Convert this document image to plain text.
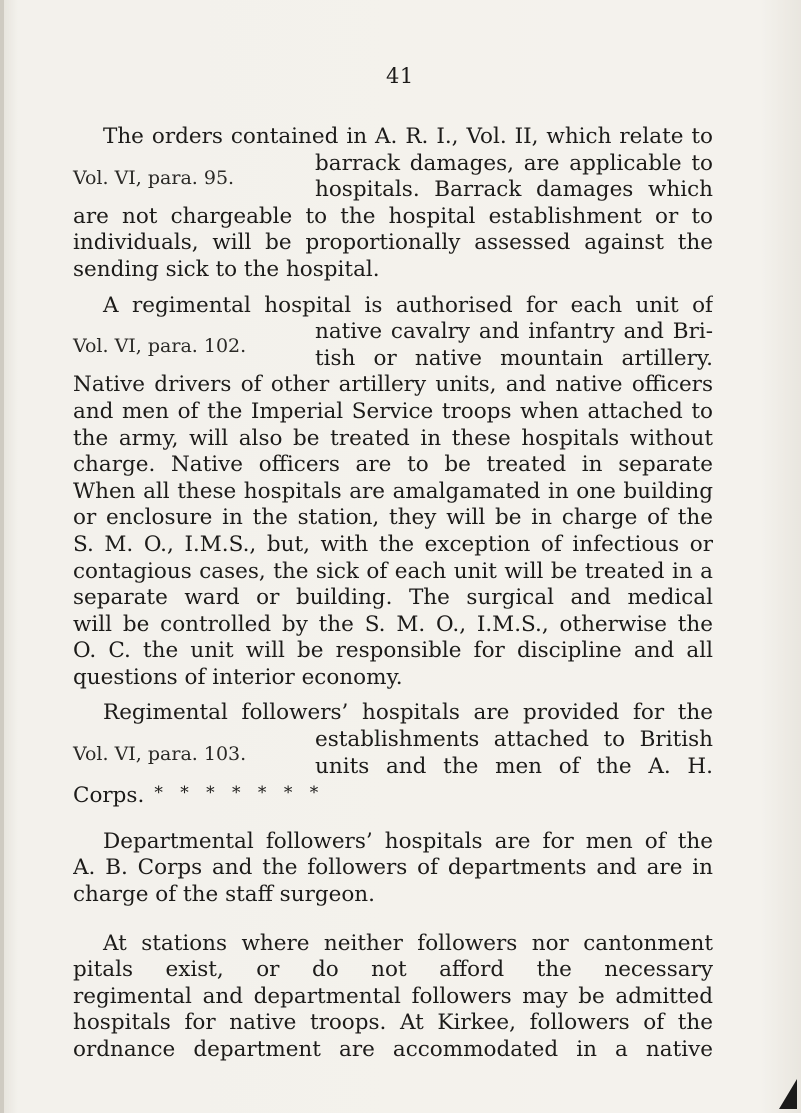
41
The orders contained in A. R. I., Vol. II, which relate to
Vol. VI, para. 95.
barrack damages, are applicable to
hospitals. Barrack damages which
are not chargeable to the hospital establishment or to
individuals, will be proportionally assessed against the
sending sick to the hospital.
A regimental hospital is authorised for each unit of
Vol. VI, para. 102.
native cavalry and infantry and Bri-
tish or native mountain artillery.
Native drivers of other artillery units, and native officers
and men of the Imperial Service troops when attached to
the army, will also be treated in these hospitals without
charge. Native officers are to be treated in separate
When all these hospitals are amalgamated in one building
or enclosure in the station, they will be in charge of the
S. M. O., I.M.S., but, with the exception of infectious or
contagious cases, the sick of each unit will be treated in a
separate ward or building. The surgical and medical
will be controlled by the S. M. O., I.M.S., otherwise the
O. C. the unit will be responsible for discipline and all
questions of interior economy.
Regimental followers’ hospitals are provided for the
Vol. VI, para. 103.
establishments attached to British
units and the men of the A. H.
Corps. * * * * * * *
Departmental followers’ hospitals are for men of the
A. B. Corps and the followers of departments and are in
charge of the staff surgeon.
At stations where neither followers nor cantonment
pitals exist, or do not afford the necessary
regimental and departmental followers may be admitted
hospitals for native troops. At Kirkee, followers of the
ordnance department are accommodated in a native
